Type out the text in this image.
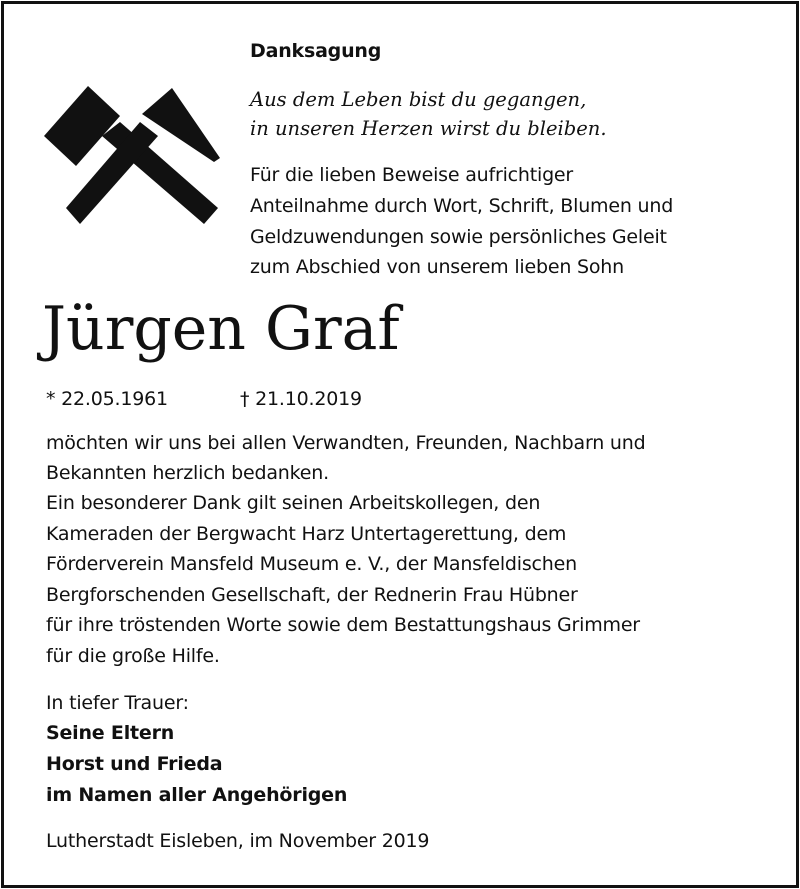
Danksagung
Aus dem Leben bist du gegangen,
in unseren Herzen wirst du bleiben.
Für die lieben Beweise aufrichtiger
Anteilnahme durch Wort, Schrift, Blumen und
Geldzuwendungen sowie persönliches Geleit
zum Abschied von unserem lieben Sohn
Jürgen Graf
* 22.05.1961	† 21.10.2019
möchten wir uns bei allen Verwandten, Freunden, Nachbarn und
Bekannten herzlich bedanken.
Ein besonderer Dank gilt seinen Arbeitskollegen, den
Kameraden der Bergwacht Harz Untertagerettung, dem
Förderverein Mansfeld Museum e. V., der Mansfeldischen
Bergforschenden Gesellschaft, der Rednerin Frau Hübner
für ihre tröstenden Worte sowie dem Bestattungshaus Grimmer
für die große Hilfe.
In tiefer Trauer:
Seine Eltern
Horst und Frieda
im Namen aller Angehörigen
Lutherstadt Eisleben, im November 2019
